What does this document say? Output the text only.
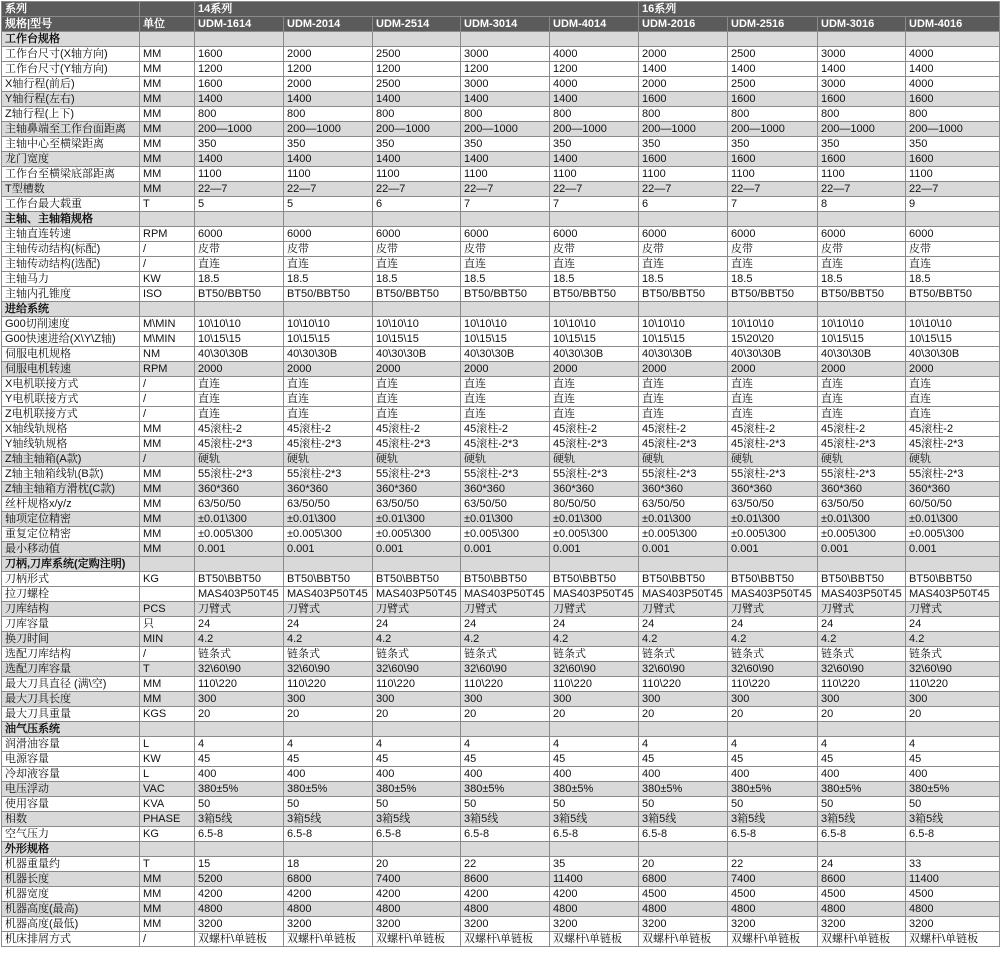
系列		14系列					16系列			
规格|型号	单位	UDM-1614	UDM-2014	UDM-2514	UDM-3014	UDM-4014	UDM-2016	UDM-2516	UDM-3016	UDM-4016
工作台规格										
工作台尺寸(X轴方向)	MM	1600	2000	2500	3000	4000	2000	2500	3000	4000
工作台尺寸(Y轴方向)	MM	1200	1200	1200	1200	1200	1400	1400	1400	1400
X轴行程(前后)	MM	1600	2000	2500	3000	4000	2000	2500	3000	4000
Y轴行程(左右)	MM	1400	1400	1400	1400	1400	1600	1600	1600	1600
Z轴行程(上下)	MM	800	800	800	800	800	800	800	800	800
主轴鼻端至工作台面距离	MM	200—1000	200—1000	200—1000	200—1000	200—1000	200—1000	200—1000	200—1000	200—1000
主轴中心至横梁距离	MM	350	350	350	350	350	350	350	350	350
龙门宽度	MM	1400	1400	1400	1400	1400	1600	1600	1600	1600
工作台至横梁底部距离	MM	1100	1100	1100	1100	1100	1100	1100	1100	1100
T型槽数	MM	22—7	22—7	22—7	22—7	22—7	22—7	22—7	22—7	22—7
工作台最大载重	T	5	5	6	7	7	6	7	8	9
主轴、主轴箱规格										
主轴直连转速	RPM	6000	6000	6000	6000	6000	6000	6000	6000	6000
主轴传动结构(标配)	/	皮带	皮带	皮带	皮带	皮带	皮带	皮带	皮带	皮带
主轴传动结构(选配)	/	直连	直连	直连	直连	直连	直连	直连	直连	直连
主轴马力	KW	18.5	18.5	18.5	18.5	18.5	18.5	18.5	18.5	18.5
主轴内孔锥度	ISO	BT50/BBT50	BT50/BBT50	BT50/BBT50	BT50/BBT50	BT50/BBT50	BT50/BBT50	BT50/BBT50	BT50/BBT50	BT50/BBT50
进给系统										
G00切削速度	M\MIN	10\10\10	10\10\10	10\10\10	10\10\10	10\10\10	10\10\10	10\10\10	10\10\10	10\10\10
G00快速进给(X\Y\Z轴)	M\MIN	10\15\15	10\15\15	10\15\15	10\15\15	10\15\15	10\15\15	15\20\20	10\15\15	10\15\15
伺服电机规格	NM	40\30\30B	40\30\30B	40\30\30B	40\30\30B	40\30\30B	40\30\30B	40\30\30B	40\30\30B	40\30\30B
伺服电机转速	RPM	2000	2000	2000	2000	2000	2000	2000	2000	2000
X电机联接方式	/	直连	直连	直连	直连	直连	直连	直连	直连	直连
Y电机联接方式	/	直连	直连	直连	直连	直连	直连	直连	直连	直连
Z电机联接方式	/	直连	直连	直连	直连	直连	直连	直连	直连	直连
X轴线轨规格	MM	45滚柱-2	45滚柱-2	45滚柱-2	45滚柱-2	45滚柱-2	45滚柱-2	45滚柱-2	45滚柱-2	45滚柱-2
Y轴线轨规格	MM	45滚柱-2*3	45滚柱-2*3	45滚柱-2*3	45滚柱-2*3	45滚柱-2*3	45滚柱-2*3	45滚柱-2*3	45滚柱-2*3	45滚柱-2*3
Z轴主轴箱(A款)	/	硬轨	硬轨	硬轨	硬轨	硬轨	硬轨	硬轨	硬轨	硬轨
Z轴主轴箱线轨(B款)	MM	55滚柱-2*3	55滚柱-2*3	55滚柱-2*3	55滚柱-2*3	55滚柱-2*3	55滚柱-2*3	55滚柱-2*3	55滚柱-2*3	55滚柱-2*3
Z轴主轴箱方滑枕(C款)	MM	360*360	360*360	360*360	360*360	360*360	360*360	360*360	360*360	360*360
丝杆规格x/y/z	MM	63/50/50	63/50/50	63/50/50	63/50/50	80/50/50	63/50/50	63/50/50	63/50/50	60/50/50
轴项定位精密	MM	±0.01\300	±0.01\300	±0.01\300	±0.01\300	±0.01\300	±0.01\300	±0.01\300	±0.01\300	±0.01\300
重复定位精密	MM	±0.005\300	±0.005\300	±0.005\300	±0.005\300	±0.005\300	±0.005\300	±0.005\300	±0.005\300	±0.005\300
最小移动值	MM	0.001	0.001	0.001	0.001	0.001	0.001	0.001	0.001	0.001
刀柄,刀库系统(定购注明)										
刀柄形式	KG	BT50\BBT50	BT50\BBT50	BT50\BBT50	BT50\BBT50	BT50\BBT50	BT50\BBT50	BT50\BBT50	BT50\BBT50	BT50\BBT50
拉刀螺栓		MAS403P50T45	MAS403P50T45	MAS403P50T45	MAS403P50T45	MAS403P50T45	MAS403P50T45	MAS403P50T45	MAS403P50T45	MAS403P50T45
刀库结构	PCS	刀臂式	刀臂式	刀臂式	刀臂式	刀臂式	刀臂式	刀臂式	刀臂式	刀臂式
刀库容量	只	24	24	24	24	24	24	24	24	24
换刀时间	MIN	4.2	4.2	4.2	4.2	4.2	4.2	4.2	4.2	4.2
选配刀库结构	/	链条式	链条式	链条式	链条式	链条式	链条式	链条式	链条式	链条式
选配刀库容量	T	32\60\90	32\60\90	32\60\90	32\60\90	32\60\90	32\60\90	32\60\90	32\60\90	32\60\90
最大刀具直径 (满\空)	MM	110\220	110\220	110\220	110\220	110\220	110\220	110\220	110\220	110\220
最大刀具长度	MM	300	300	300	300	300	300	300	300	300
最大刀具重量	KGS	20	20	20	20	20	20	20	20	20
油气压系统										
润滑油容量	L	4	4	4	4	4	4	4	4	4
电源容量	KW	45	45	45	45	45	45	45	45	45
冷却液容量	L	400	400	400	400	400	400	400	400	400
电压浮动	VAC	380±5%	380±5%	380±5%	380±5%	380±5%	380±5%	380±5%	380±5%	380±5%
使用容量	KVA	50	50	50	50	50	50	50	50	50
相数	PHASE	3箱5线	3箱5线	3箱5线	3箱5线	3箱5线	3箱5线	3箱5线	3箱5线	3箱5线
空气压力	KG	6.5-8	6.5-8	6.5-8	6.5-8	6.5-8	6.5-8	6.5-8	6.5-8	6.5-8
外形规格										
机器重量约	T	15	18	20	22	35	20	22	24	33
机器长度	MM	5200	6800	7400	8600	11400	6800	7400	8600	11400
机器宽度	MM	4200	4200	4200	4200	4200	4500	4500	4500	4500
机器高度(最高)	MM	4800	4800	4800	4800	4800	4800	4800	4800	4800
机器高度(最低)	MM	3200	3200	3200	3200	3200	3200	3200	3200	3200
机床排屑方式	/	双螺杆\单链板	双螺杆\单链板	双螺杆\单链板	双螺杆\单链板	双螺杆\单链板	双螺杆\单链板	双螺杆\单链板	双螺杆\单链板	双螺杆\单链板
